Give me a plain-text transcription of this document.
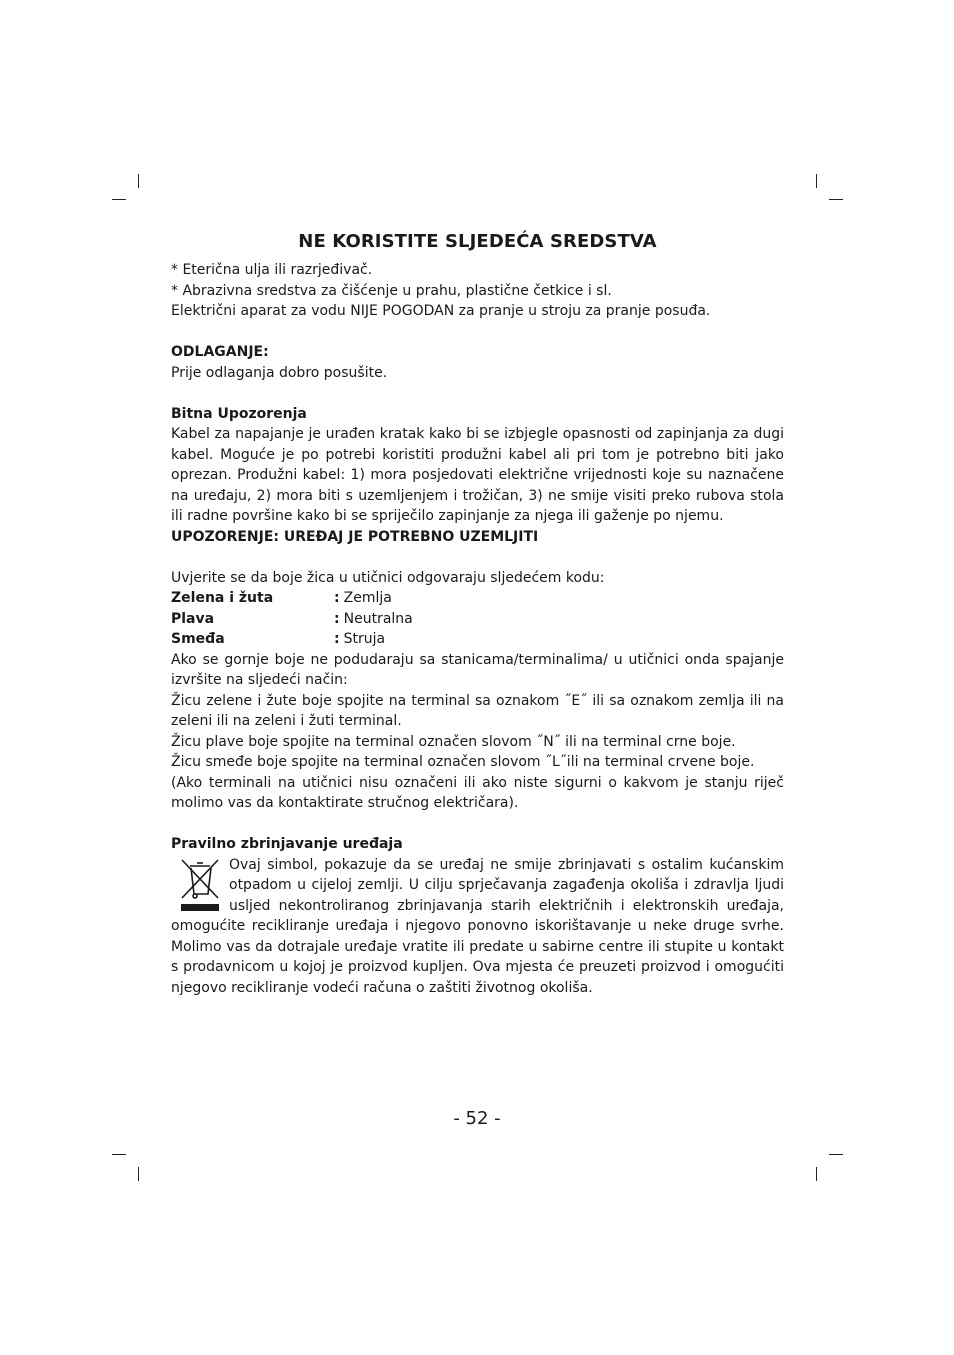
NE KORISTITE SLJEDEĆA SREDSTVA
* Eterična ulja ili razrjeđivač.
* Abrazivna sredstva za čišćenje u prahu, plastične četkice i sl.
Električni aparat za vodu NIJE POGODAN za pranje u stroju za pranje posuđa.
ODLAGANJE:
Prije odlaganja dobro posušite.
Bitna Upozorenja
Kabel za napajanje je urađen kratak kako bi se izbjegle opasnosti od zapinjanja za dugi kabel. Moguće je po potrebi koristiti produžni kabel ali pri tom je potrebno biti jako oprezan. Produžni kabel: 1) mora posjedovati električne vrijednosti koje su naznačene na uređaju, 2) mora biti s uzemljenjem i trožičan, 3) ne smije visiti preko rubova stola ili radne površine kako bi se spriječilo zapinjanje za njega ili gaženje po njemu.
UPOZORENJE: UREĐAJ JE POTREBNO UZEMLJITI
Uvjerite se da boje žica u utičnici odgovaraju sljedećem kodu:
Zelena i žuta	: Zemlja
Plava	: Neutralna
Smeđa	: Struja
Ako se gornje boje ne podudaraju sa stanicama/terminalima/ u utičnici onda spajanje izvršite na sljedeći način:
Žicu zelene i žute boje spojite na terminal sa oznakom ˝E˝ ili sa oznakom zemlja ili na zeleni ili na zeleni i žuti terminal.
Žicu plave boje spojite na terminal označen slovom ˝N˝ ili na terminal crne boje.
Žicu smeđe boje spojite na terminal označen slovom ˝L˝ili na terminal crvene boje.
(Ako terminali na utičnici nisu označeni ili ako niste sigurni o kakvom je stanju riječ molimo vas da kontaktirate stručnog električara).
Pravilno zbrinjavanje uređaja
Ovaj simbol, pokazuje da se uređaj ne smije zbrinjavati s ostalim kućanskim otpadom u cijeloj zemlji. U cilju sprječavanja zagađenja okoliša i zdravlja ljudi usljed nekontroliranog zbrinjavanja starih električnih i elektronskih uređaja, omogućite recikliranje uređaja i njegovo ponovno iskorištavanje u neke druge svrhe. Molimo vas da dotrajale uređaje vratite ili predate u sabirne centre ili stupite u kontakt s prodavnicom u kojoj je proizvod kupljen. Ova mjesta će preuzeti proizvod i omogućiti njegovo recikliranje vodeći računa o zaštiti životnog okoliša.
- 52 -
